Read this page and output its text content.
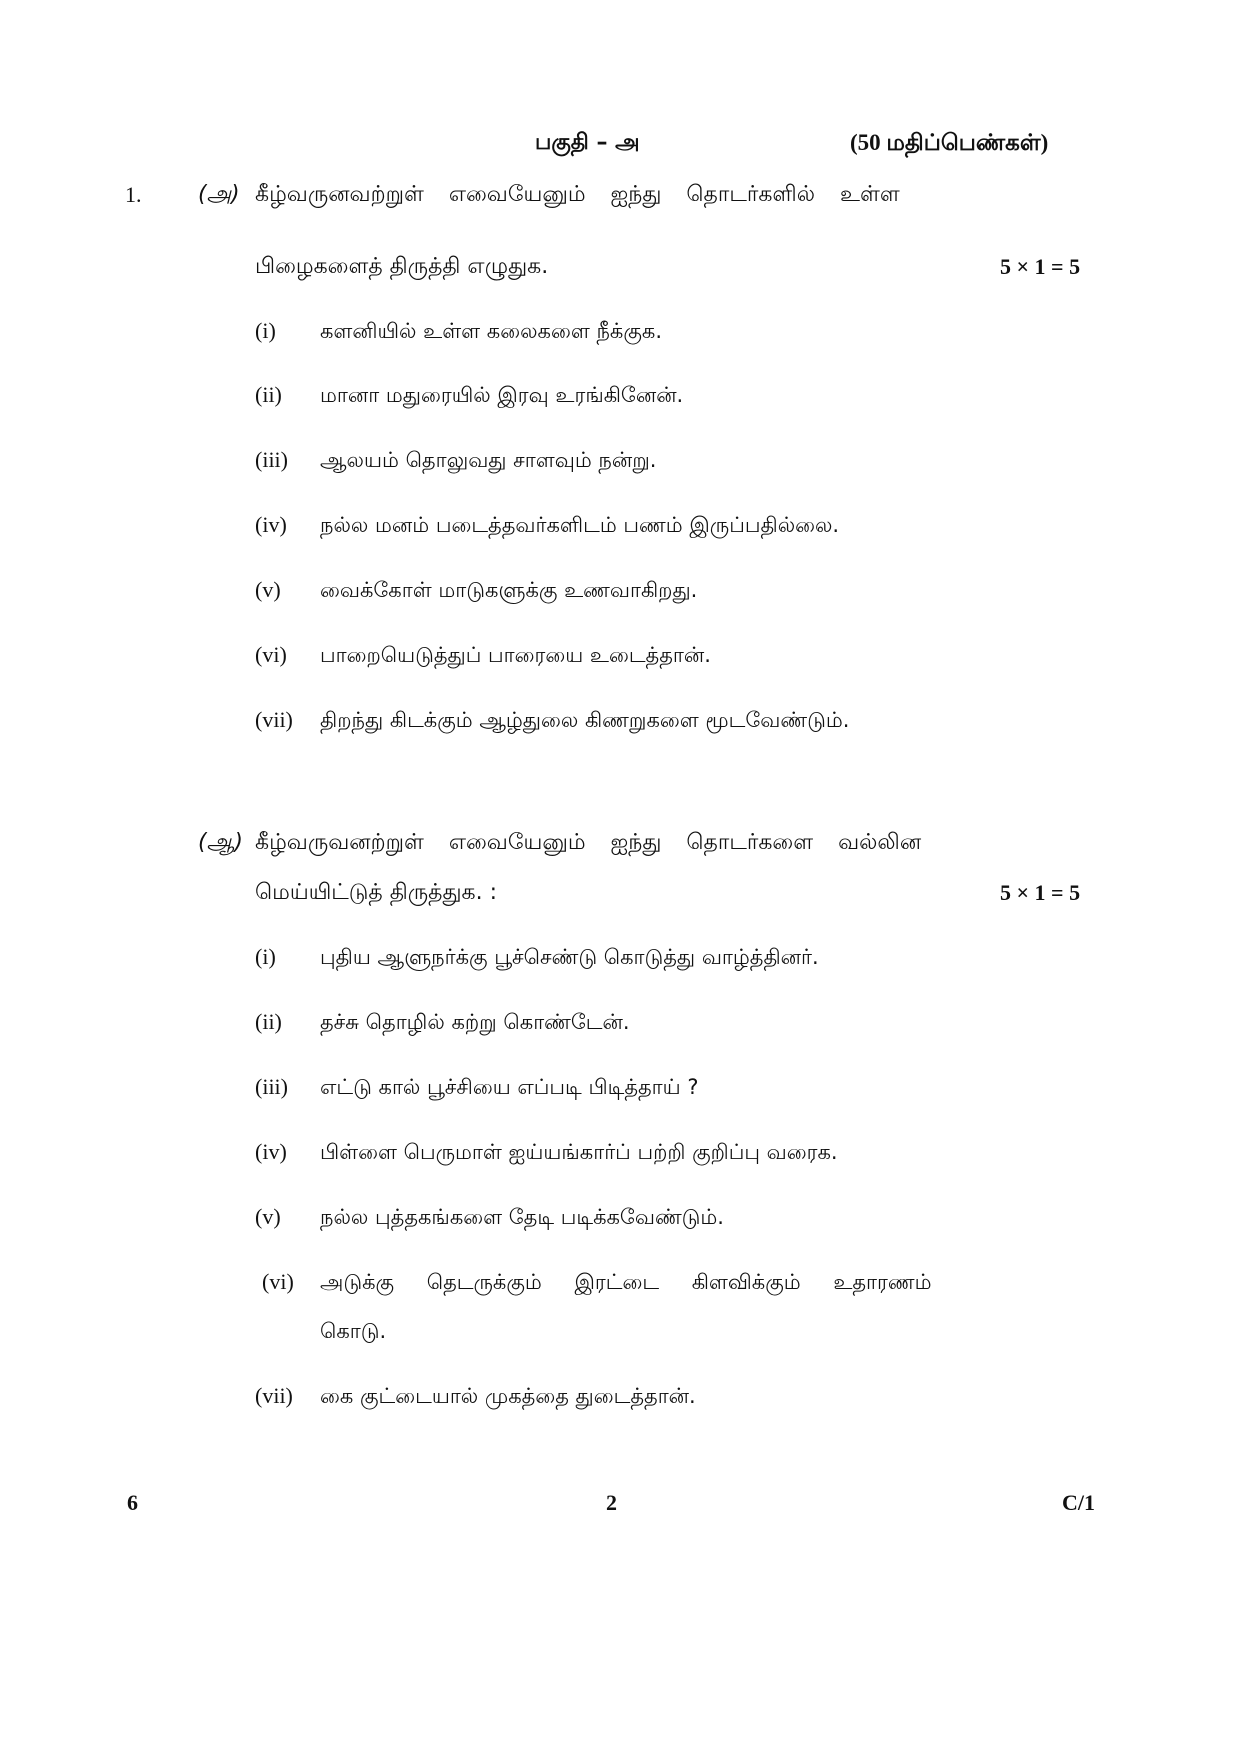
பகுதி – அ	(50 மதிப்பெண்கள்)
1.	(அ) கீழ்வருனவற்றுள் எவையேனும் ஐந்து தொடர்களில் உள்ள
பிழைகளைத் திருத்தி எழுதுக.	5 × 1 = 5
(i) களனியில் உள்ள கலைகளை நீக்குக.
(ii) மானா மதுரையில் இரவு உரங்கினேன்.
(iii) ஆலயம் தொலுவது சாளவும் நன்று.
(iv) நல்ல மனம் படைத்தவர்களிடம் பணம் இருப்பதில்லை.
(v) வைக்கோள் மாடுகளுக்கு உணவாகிறது.
(vi) பாறையெடுத்துப் பாரையை உடைத்தான்.
(vii) திறந்து கிடக்கும் ஆழ்துலை கிணறுகளை மூடவேண்டும்.
(ஆ) கீழ்வருவனற்றுள் எவையேனும் ஐந்து தொடர்களை வல்லின
மெய்யிட்டுத் திருத்துக. :	5 × 1 = 5
(i) புதிய ஆளுநர்க்கு பூச்செண்டு கொடுத்து வாழ்த்தினர்.
(ii) தச்சு தொழில் கற்று கொண்டேன்.
(iii) எட்டு கால் பூச்சியை எப்படி பிடித்தாய் ?
(iv) பிள்ளை பெருமாள் ஐய்யங்கார்ப் பற்றி குறிப்பு வரைக.
(v) நல்ல புத்தகங்களை தேடி படிக்கவேண்டும்.
(vi) அடுக்கு தெடருக்கும் இரட்டை கிளவிக்கும் உதாரணம்
கொடு.
(vii) கை குட்டையால் முகத்தை துடைத்தான்.
6	2	C/1
